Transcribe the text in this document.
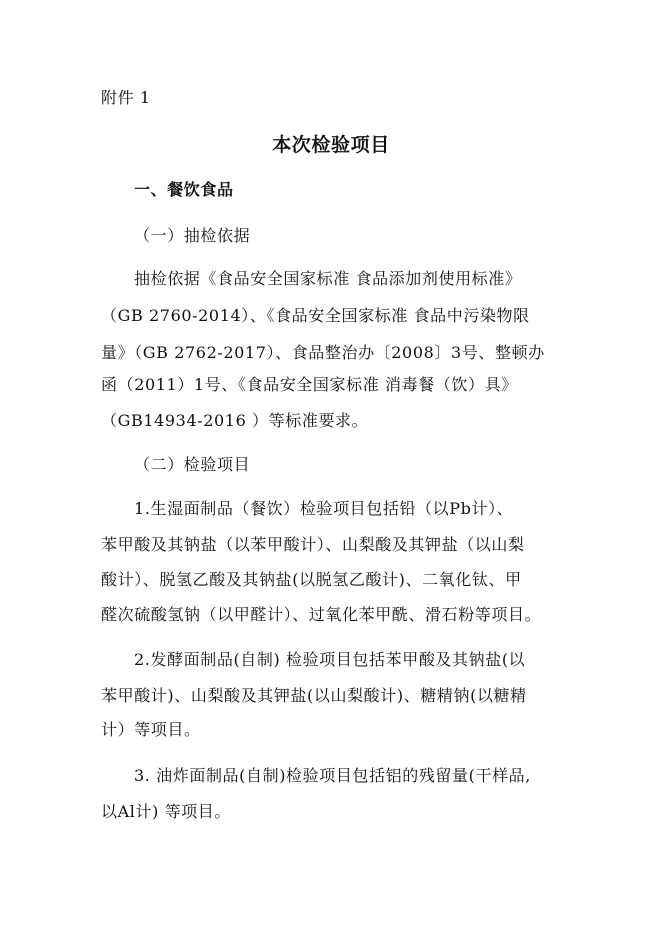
附件 1
本次检验项目
一、餐饮食品
（一）抽检依据
抽检依据《食品安全国家标准 食品添加剂使用标准》
（GB 2760-2014）、《食品安全国家标准 食品中污染物限
量》（GB 2762-2017）、食品整治办〔2008〕3号、整顿办
函（2011）1号、《食品安全国家标准 消毒餐（饮）具》
（GB14934-2016 ）等标准要求。
（二）检验项目
1.生湿面制品（餐饮）检验项目包括铅（以Pb计）、
苯甲酸及其钠盐（以苯甲酸计）、山梨酸及其钾盐（以山梨
酸计）、脱氢乙酸及其钠盐(以脱氢乙酸计)、二氧化钛、甲
醛次硫酸氢钠（以甲醛计）、过氧化苯甲酰、滑石粉等项目。
2.发酵面制品(自制) 检验项目包括苯甲酸及其钠盐(以
苯甲酸计)、山梨酸及其钾盐(以山梨酸计)、糖精钠(以糖精
计）等项目。
3. 油炸面制品(自制)检验项目包括铝的残留量(干样品,
以Al计) 等项目。
